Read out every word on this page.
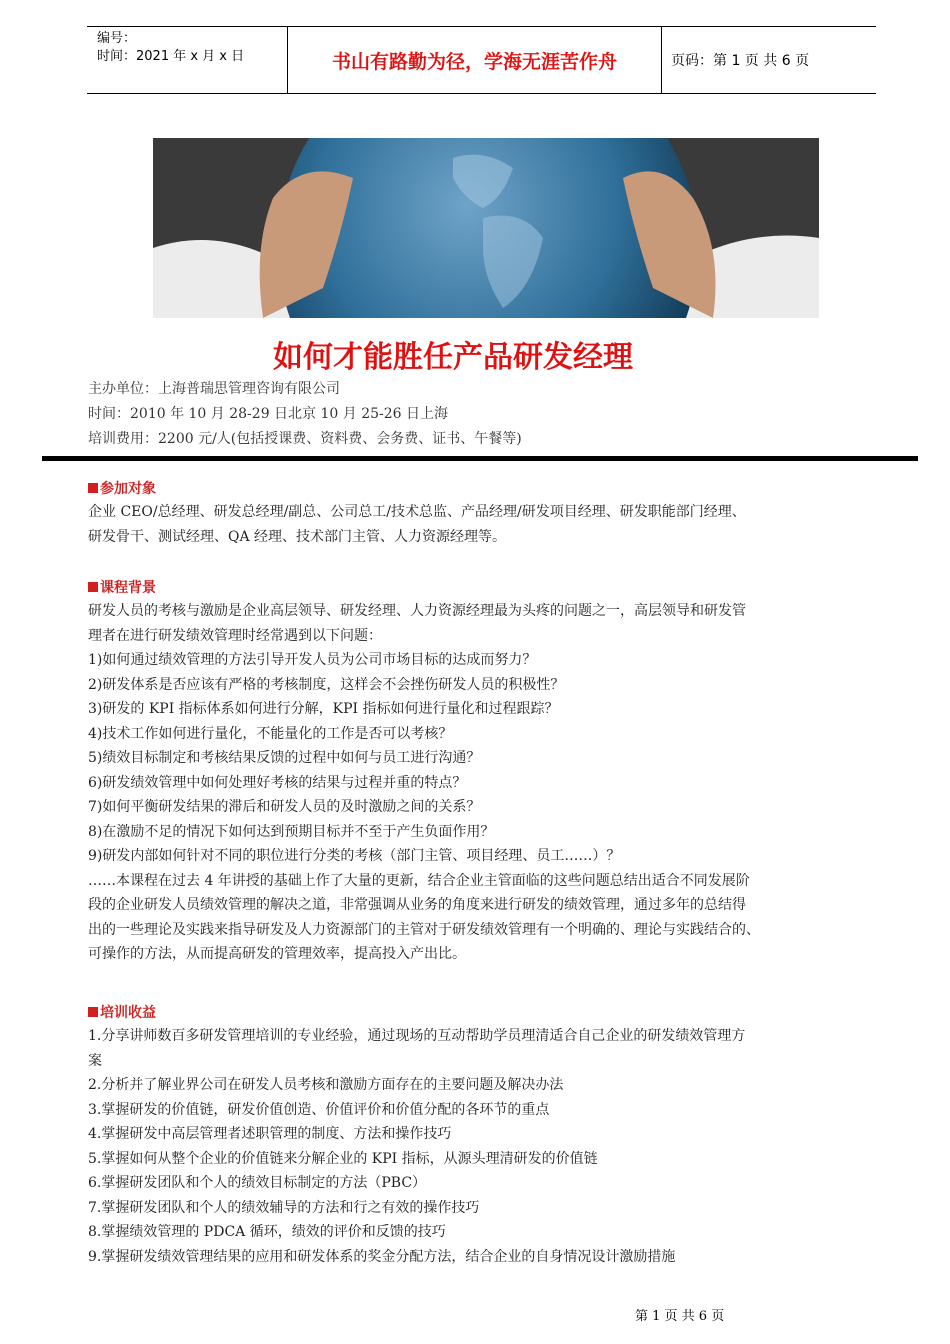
编号：
时间：2021 年 x 月 x 日	书山有路勤为径，学海无涯苦作舟	页码：第 1 页 共 6 页
如何才能胜任产品研发经理
主办单位：上海普瑞思管理咨询有限公司
时间：2010 年 10 月 28-29 日北京 10 月 25-26 日上海
培训费用：2200 元/人(包括授课费、资料费、会务费、证书、午餐等)
参加对象
企业 CEO/总经理、研发总经理/副总、公司总工/技术总监、产品经理/研发项目经理、研发职能部门经理、
研发骨干、测试经理、QA 经理、技术部门主管、人力资源经理等。
课程背景
研发人员的考核与激励是企业高层领导、研发经理、人力资源经理最为头疼的问题之一，高层领导和研发管
理者在进行研发绩效管理时经常遇到以下问题：
1)如何通过绩效管理的方法引导开发人员为公司市场目标的达成而努力？
2)研发体系是否应该有严格的考核制度，这样会不会挫伤研发人员的积极性？
3)研发的 KPI 指标体系如何进行分解，KPI 指标如何进行量化和过程跟踪？
4)技术工作如何进行量化，不能量化的工作是否可以考核？
5)绩效目标制定和考核结果反馈的过程中如何与员工进行沟通？
6)研发绩效管理中如何处理好考核的结果与过程并重的特点？
7)如何平衡研发结果的滞后和研发人员的及时激励之间的关系？
8)在激励不足的情况下如何达到预期目标并不至于产生负面作用？
9)研发内部如何针对不同的职位进行分类的考核（部门主管、项目经理、员工……）？
……本课程在过去 4 年讲授的基础上作了大量的更新，结合企业主管面临的这些问题总结出适合不同发展阶
段的企业研发人员绩效管理的解决之道，非常强调从业务的角度来进行研发的绩效管理，通过多年的总结得
出的一些理论及实践来指导研发及人力资源部门的主管对于研发绩效管理有一个明确的、理论与实践结合的、
可操作的方法，从而提高研发的管理效率，提高投入产出比。
培训收益
1.分享讲师数百多研发管理培训的专业经验，通过现场的互动帮助学员理清适合自己企业的研发绩效管理方
案
2.分析并了解业界公司在研发人员考核和激励方面存在的主要问题及解决办法
3.掌握研发的价值链，研发价值创造、价值评价和价值分配的各环节的重点
4.掌握研发中高层管理者述职管理的制度、方法和操作技巧
5.掌握如何从整个企业的价值链来分解企业的 KPI 指标，从源头理清研发的价值链
6.掌握研发团队和个人的绩效目标制定的方法（PBC）
7.掌握研发团队和个人的绩效辅导的方法和行之有效的操作技巧
8.掌握绩效管理的 PDCA 循环，绩效的评价和反馈的技巧
9.掌握研发绩效管理结果的应用和研发体系的奖金分配方法，结合企业的自身情况设计激励措施
第 1 页 共 6 页
